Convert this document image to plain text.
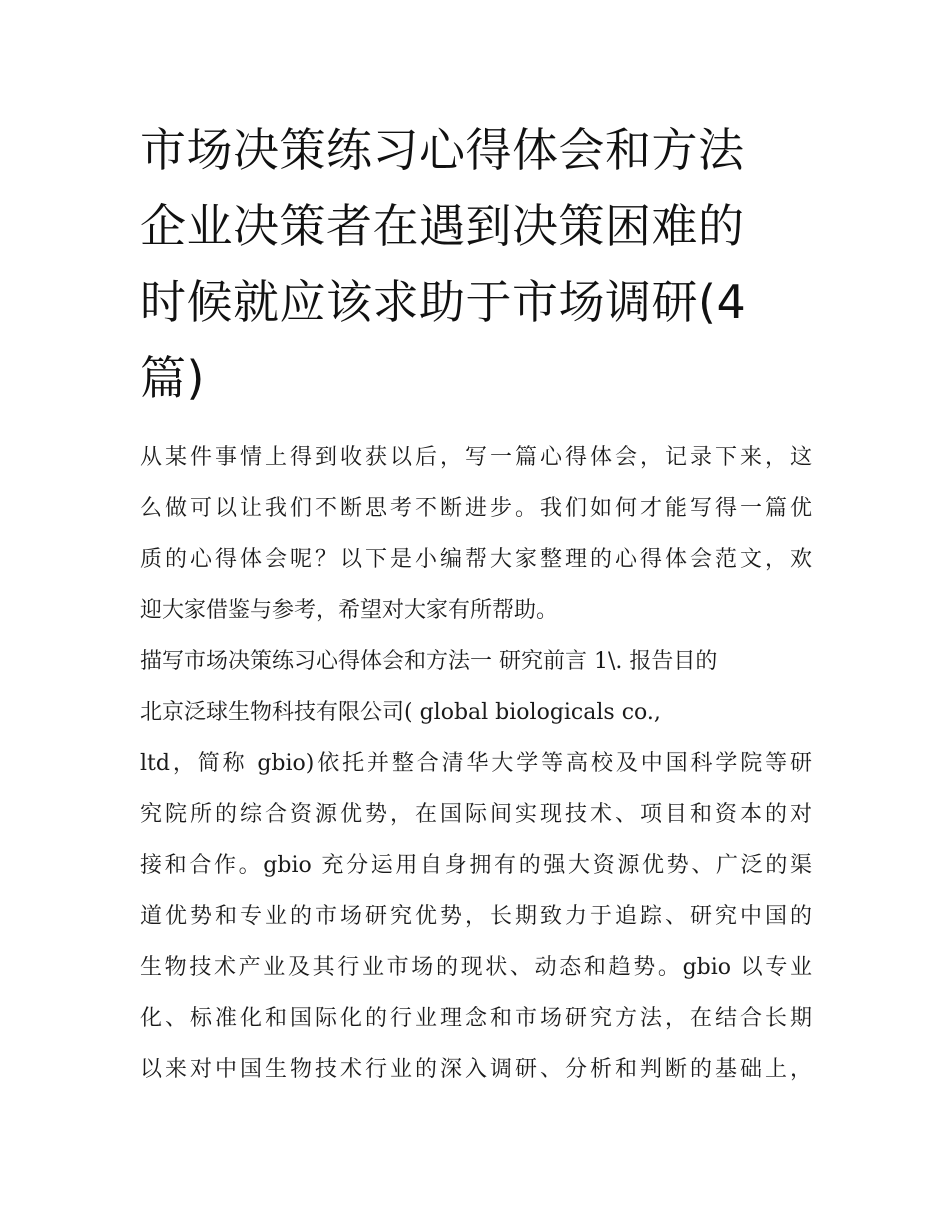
市场决策练习心得体会和方法
企业决策者在遇到决策困难的
时候就应该求助于市场调研(4
篇)

从某件事情上得到收获以后，写一篇心得体会，记录下来，这
么做可以让我们不断思考不断进步。我们如何才能写得一篇优
质的心得体会呢？以下是小编帮大家整理的心得体会范文，欢
迎大家借鉴与参考，希望对大家有所帮助。

描写市场决策练习心得体会和方法一 研究前言 1\. 报告目的
北京泛球生物科技有限公司( global biologicals co.,
ltd，简称 gbio)依托并整合清华大学等高校及中国科学院等研
究院所的综合资源优势，在国际间实现技术、项目和资本的对
接和合作。gbio 充分运用自身拥有的强大资源优势、广泛的渠
道优势和专业的市场研究优势，长期致力于追踪、研究中国的
生物技术产业及其行业市场的现状、动态和趋势。gbio 以专业
化、标准化和国际化的行业理念和市场研究方法，在结合长期
以来对中国生物技术行业的深入调研、分析和判断的基础上，
